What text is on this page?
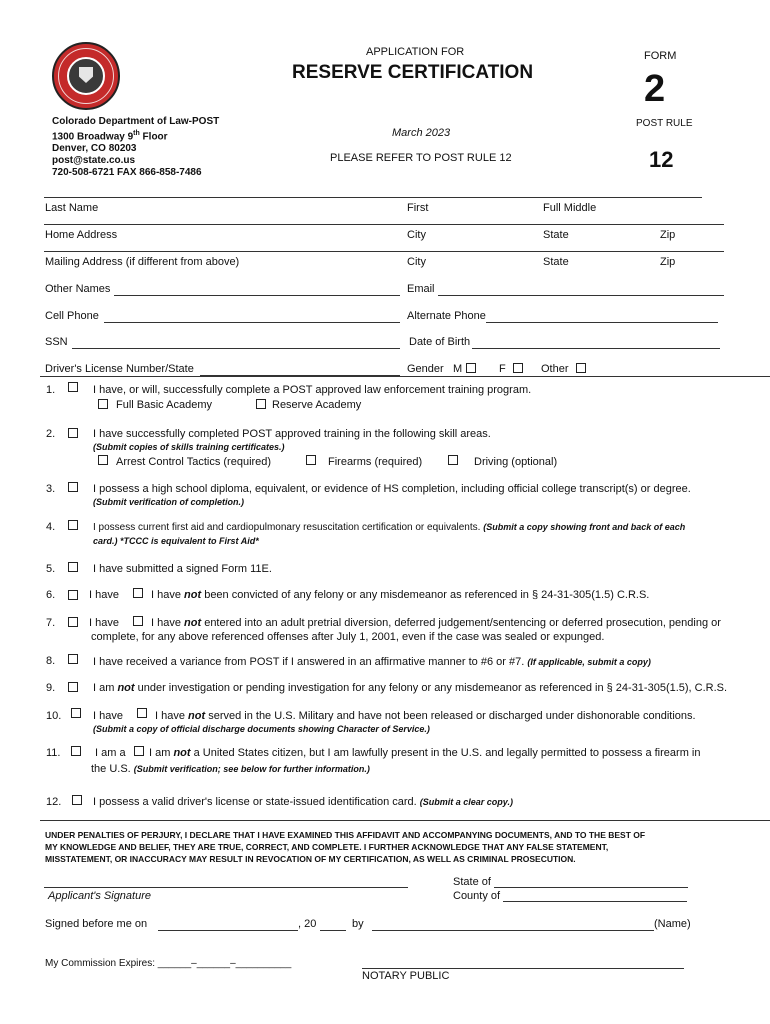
APPLICATION FOR
RESERVE CERTIFICATION
FORM
2
POST RULE
12
March 2023
PLEASE REFER TO POST RULE 12
Colorado Department of Law-POST
1300 Broadway 9th Floor
Denver, CO 80203
post@state.co.us
720-508-6721 FAX 866-858-7486
Last Name	First	Full Middle
Home Address	City	State	Zip
Mailing Address (if different from above)	City	State	Zip
Other Names	Email
Cell Phone	Alternate Phone
SSN	Date of Birth
Driver's License Number/State	Gender M	F	Other
1.	I have, or will, successfully complete a POST approved law enforcement training program.
Full Basic Academy	Reserve Academy
2.	I have successfully completed POST approved training in the following skill areas.
(Submit copies of skills training certificates.)
Arrest Control Tactics (required)	Firearms (required)	Driving (optional)
3.	I possess a high school diploma, equivalent, or evidence of HS completion, including official college transcript(s) or degree.
(Submit verification of completion.)
4.	I possess current first aid and cardiopulmonary resuscitation certification or equivalents. (Submit a copy showing front and back of each
card.) *TCCC is equivalent to First Aid*
5.	I have submitted a signed Form 11E.
6.	I have	I have not been convicted of any felony or any misdemeanor as referenced in § 24-31-305(1.5) C.R.S.
7.	I have	I have not entered into an adult pretrial diversion, deferred judgement/sentencing or deferred prosecution, pending or
complete, for any above referenced offenses after July 1, 2001, even if the case was sealed or expunged.
8.	I have received a variance from POST if I answered in an affirmative manner to #6 or #7. (If applicable, submit a copy)
9.	I am not under investigation or pending investigation for any felony or any misdemeanor as referenced in § 24-31-305(1.5), C.R.S.
10.	I have	I have not served in the U.S. Military and have not been released or discharged under dishonorable conditions.
(Submit a copy of official discharge documents showing Character of Service.)
11.	I am a I am not a United States citizen, but I am lawfully present in the U.S. and legally permitted to possess a firearm in
the U.S. (Submit verification; see below for further information.)
12.	I possess a valid driver's license or state-issued identification card. (Submit a clear copy.)
UNDER PENALTIES OF PERJURY, I DECLARE THAT I HAVE EXAMINED THIS AFFIDAVIT AND ACCOMPANYING DOCUMENTS, AND TO THE BEST OF
MY KNOWLEDGE AND BELIEF, THEY ARE TRUE, CORRECT, AND COMPLETE. I FURTHER ACKNOWLEDGE THAT ANY FALSE STATEMENT,
MISSTATEMENT, OR INACCURACY MAY RESULT IN REVOCATION OF MY CERTIFICATION, AS WELL AS CRIMINAL PROSECUTION.
Applicant's Signature
State of
County of
Signed before me on	, 20	by	(Name)
My Commission Expires: ______–______–__________
NOTARY PUBLIC
